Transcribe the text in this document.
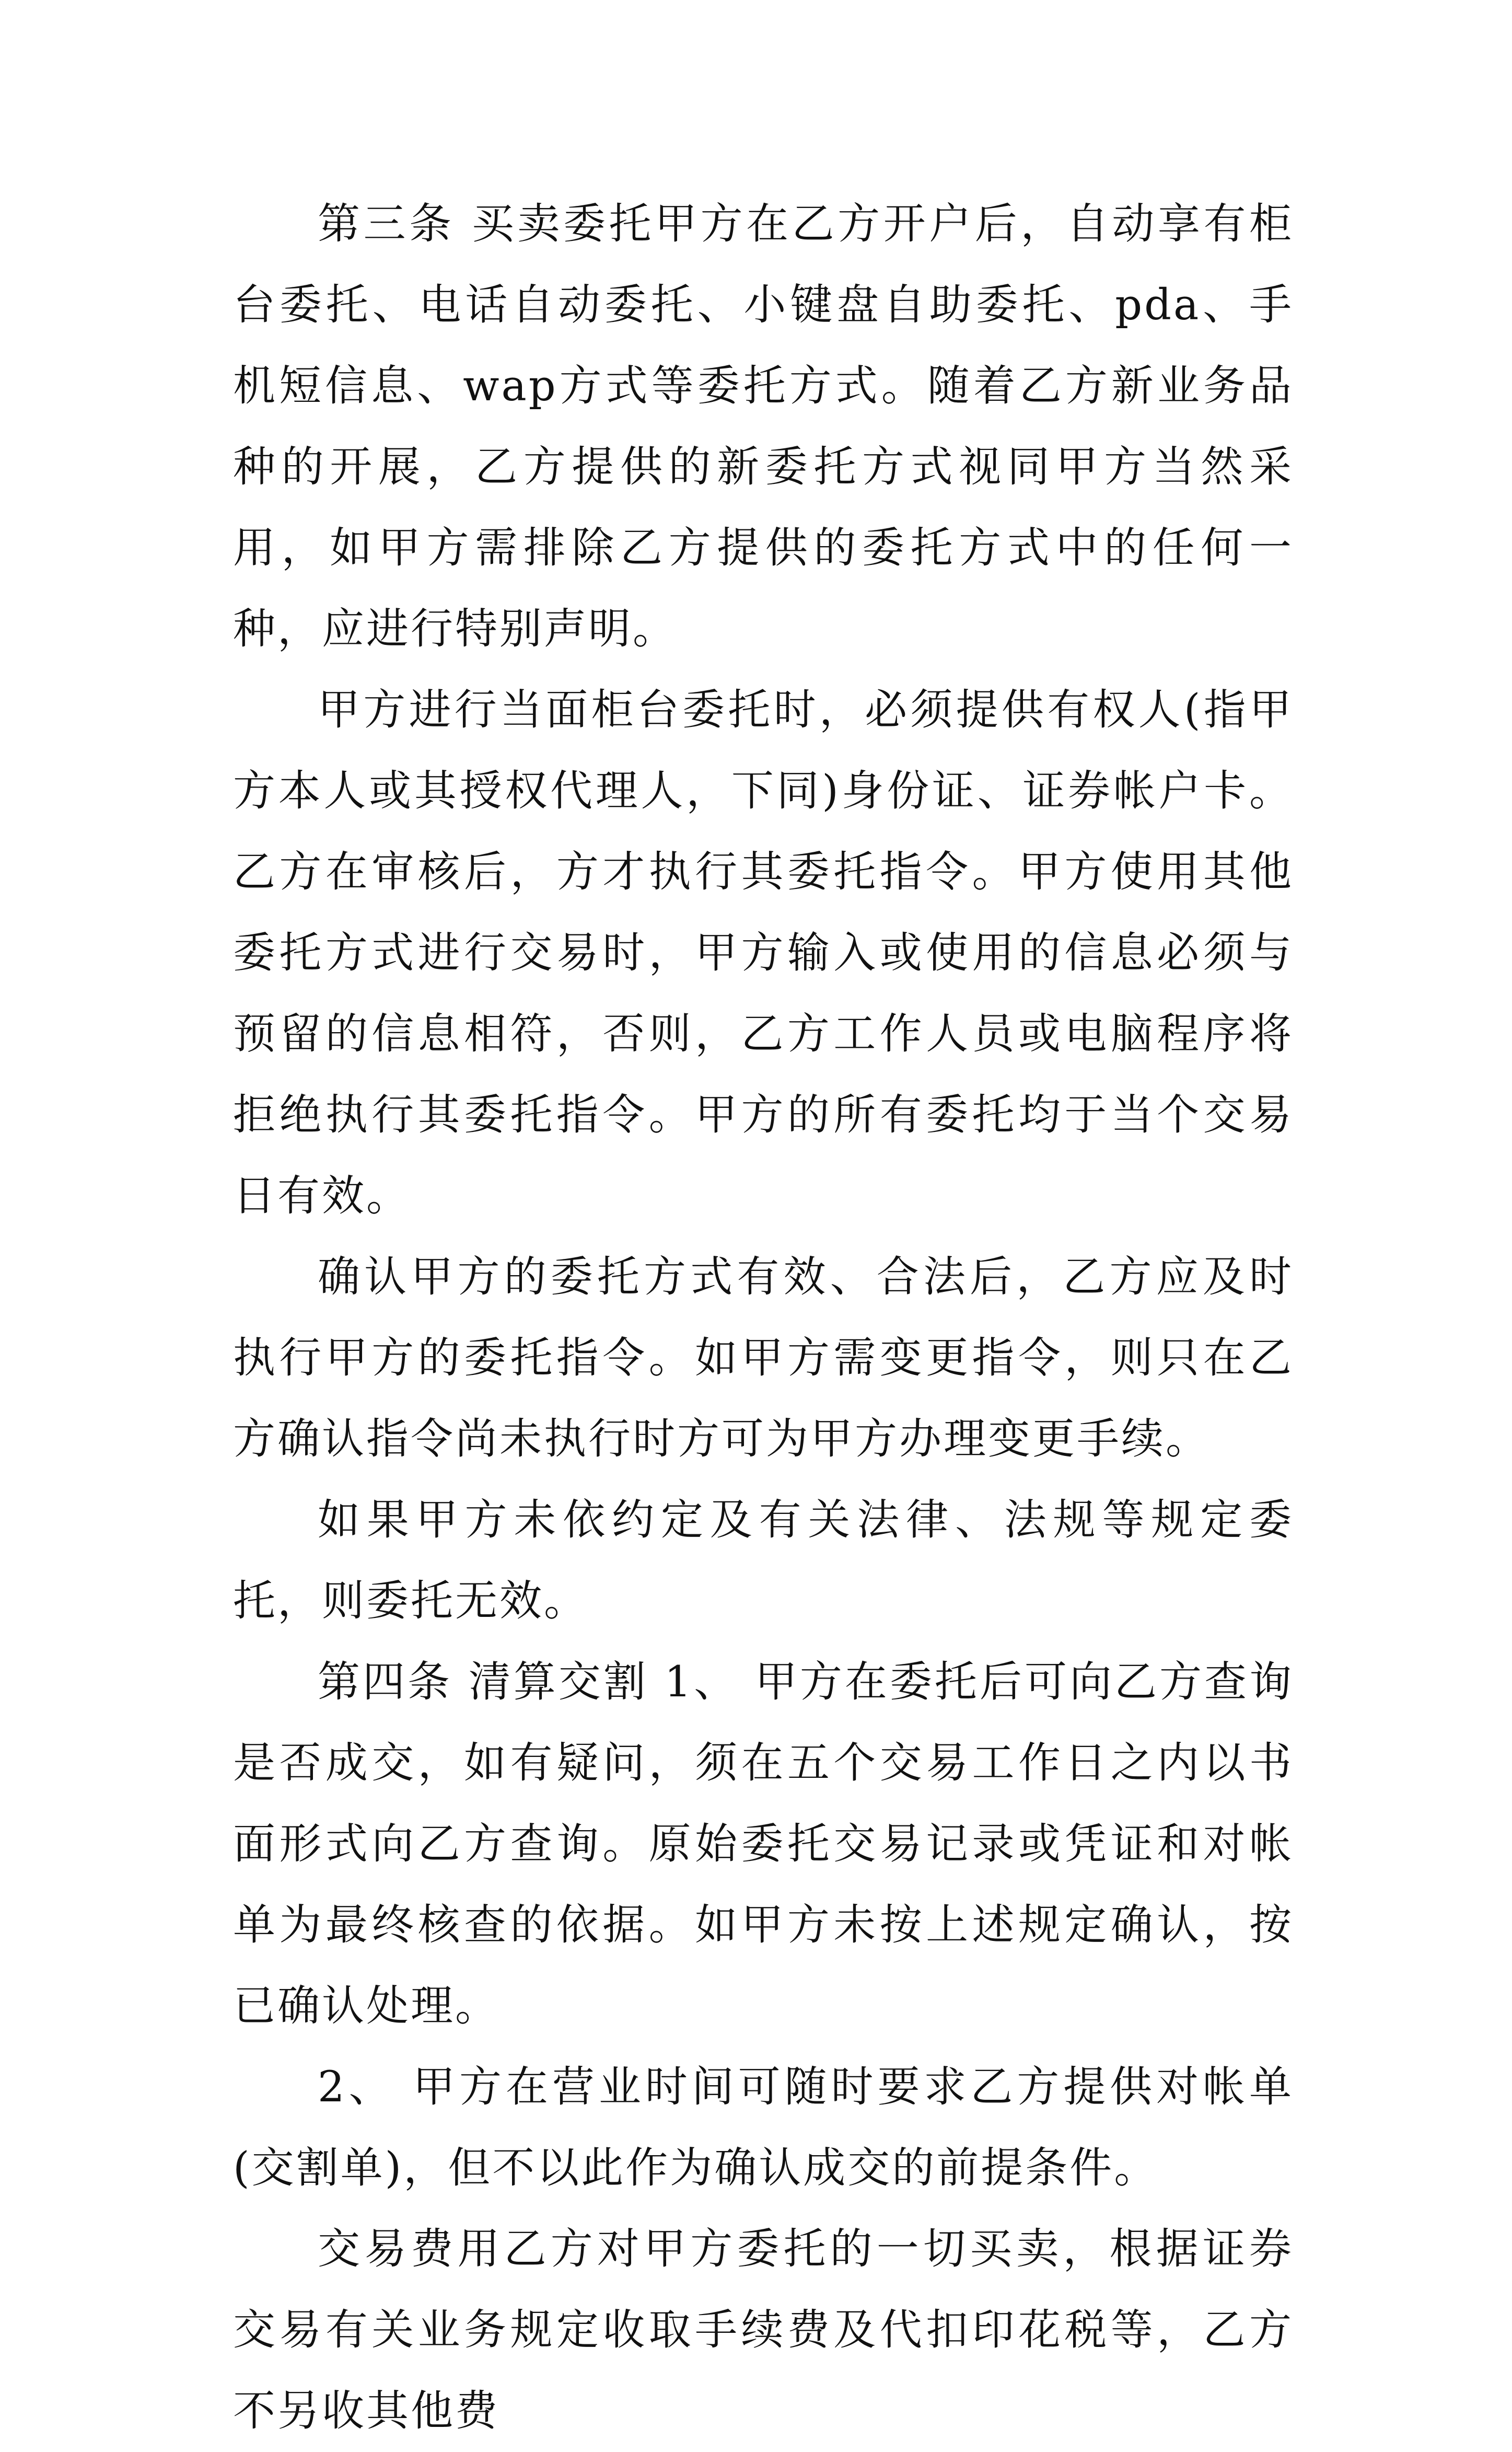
第三条 买卖委托甲方在乙方开户后，自动享有柜台委托、电话自动委托、小键盘自助委托、pda、手机短信息、wap方式等委托方式。随着乙方新业务品种的开展，乙方提供的新委托方式视同甲方当然采用，如甲方需排除乙方提供的委托方式中的任何一种，应进行特别声明。

甲方进行当面柜台委托时，必须提供有权人(指甲方本人或其授权代理人，下同)身份证、证券帐户卡。乙方在审核后，方才执行其委托指令。甲方使用其他委托方式进行交易时，甲方输入或使用的信息必须与预留的信息相符，否则，乙方工作人员或电脑程序将拒绝执行其委托指令。甲方的所有委托均于当个交易日有效。

确认甲方的委托方式有效、合法后，乙方应及时执行甲方的委托指令。如甲方需变更指令，则只在乙方确认指令尚未执行时方可为甲方办理变更手续。

如果甲方未依约定及有关法律、法规等规定委托，则委托无效。

第四条 清算交割 1、 甲方在委托后可向乙方查询是否成交，如有疑问，须在五个交易工作日之内以书面形式向乙方查询。原始委托交易记录或凭证和对帐单为最终核查的依据。如甲方未按上述规定确认，按已确认处理。

2、 甲方在营业时间可随时要求乙方提供对帐单(交割单)，但不以此作为确认成交的前提条件。

交易费用乙方对甲方委托的一切买卖，根据证券交易有关业务规定收取手续费及代扣印花税等，乙方不另收其他费
